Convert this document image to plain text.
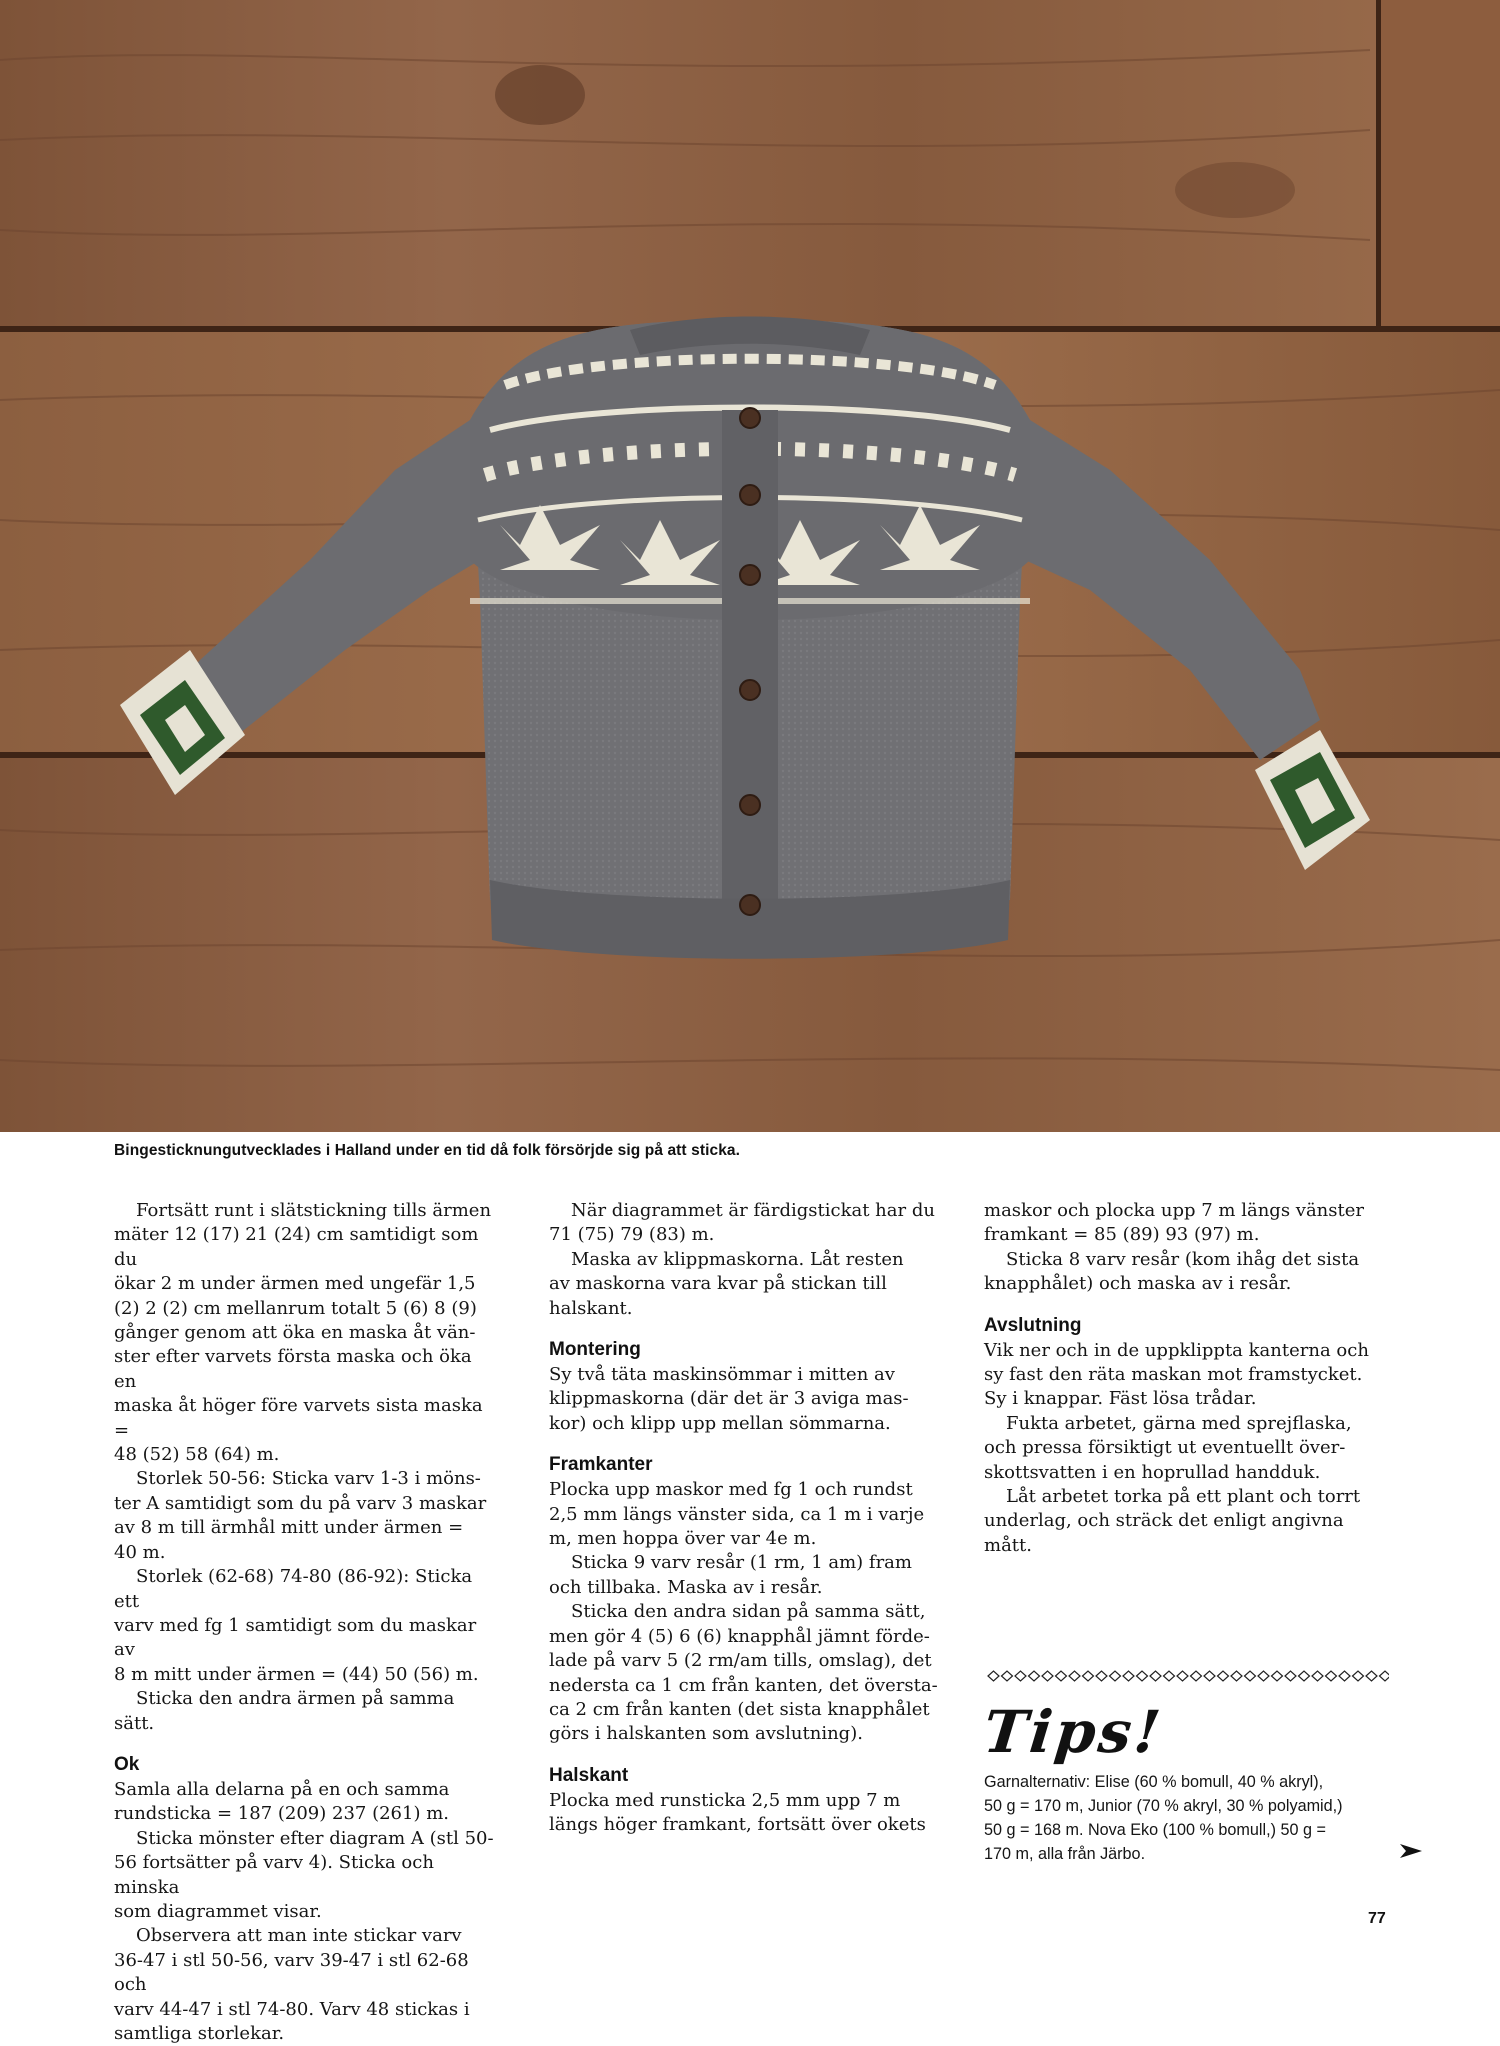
Bingesticknungutvecklades i Halland under en tid då folk försörjde sig på att sticka.

Fortsätt runt i slätstickning tills ärmen
mäter 12 (17) 21 (24) cm samtidigt som du
ökar 2 m under ärmen med ungefär 1,5
(2) 2 (2) cm mellanrum totalt 5 (6) 8 (9)
gånger genom att öka en maska åt vän-
ster efter varvets första maska och öka en
maska åt höger före varvets sista maska =
48 (52) 58 (64) m.

Storlek 50-56: Sticka varv 1-3 i möns-
ter A samtidigt som du på varv 3 maskar
av 8 m till ärmhål mitt under ärmen =
40 m.

Storlek (62-68) 74-80 (86-92): Sticka ett
varv med fg 1 samtidigt som du maskar av
8 m mitt under ärmen = (44) 50 (56) m.

Sticka den andra ärmen på samma sätt.

Ok

Samla alla delarna på en och samma
rundsticka = 187 (209) 237 (261) m.

Sticka mönster efter diagram A (stl 50-
56 fortsätter på varv 4). Sticka och minska
som diagrammet visar.

Observera att man inte stickar varv
36-47 i stl 50-56, varv 39-47 i stl 62-68 och
varv 44-47 i stl 74-80. Varv 48 stickas i
samtliga storlekar.

När diagrammet är färdigstickat har du
71 (75) 79 (83) m.

Maska av klippmaskorna. Låt resten
av maskorna vara kvar på stickan till
halskant.

Montering

Sy två täta maskinsömmar i mitten av
klippmaskorna (där det är 3 aviga mas-
kor) och klipp upp mellan sömmarna.

Framkanter

Plocka upp maskor med fg 1 och rundst
2,5 mm längs vänster sida, ca 1 m i varje
m, men hoppa över var 4e m.

Sticka 9 varv resår (1 rm, 1 am) fram
och tillbaka. Maska av i resår.

Sticka den andra sidan på samma sätt,
men gör 4 (5) 6 (6) knapphål jämnt förde-
lade på varv 5 (2 rm/am tills, omslag), det
nedersta ca 1 cm från kanten, det översta-
ca 2 cm från kanten (det sista knapphålet
görs i halskanten som avslutning).

Halskant

Plocka med runsticka 2,5 mm upp 7 m
längs höger framkant, fortsätt över okets

maskor och plocka upp 7 m längs vänster
framkant = 85 (89) 93 (97) m.

Sticka 8 varv resår (kom ihåg det sista
knapphålet) och maska av i resår.

Avslutning

Vik ner och in de uppklippta kanterna och
sy fast den räta maskan mot framstycket.
Sy i knappar. Fäst lösa trådar.

Fukta arbetet, gärna med sprejflaska,
och pressa försiktigt ut eventuellt över-
skottsvatten i en hoprullad handduk.

Låt arbetet torka på ett plant och torrt
underlag, och sträck det enligt angivna
mått.

Tips!
Garnalternativ: Elise (60 % bomull, 40 % akryl),
50 g = 170 m, Junior (70 % akryl, 30 % polyamid,)
50 g = 168 m. Nova Eko (100 % bomull,) 50 g =
170 m, alla från Järbo.
77
